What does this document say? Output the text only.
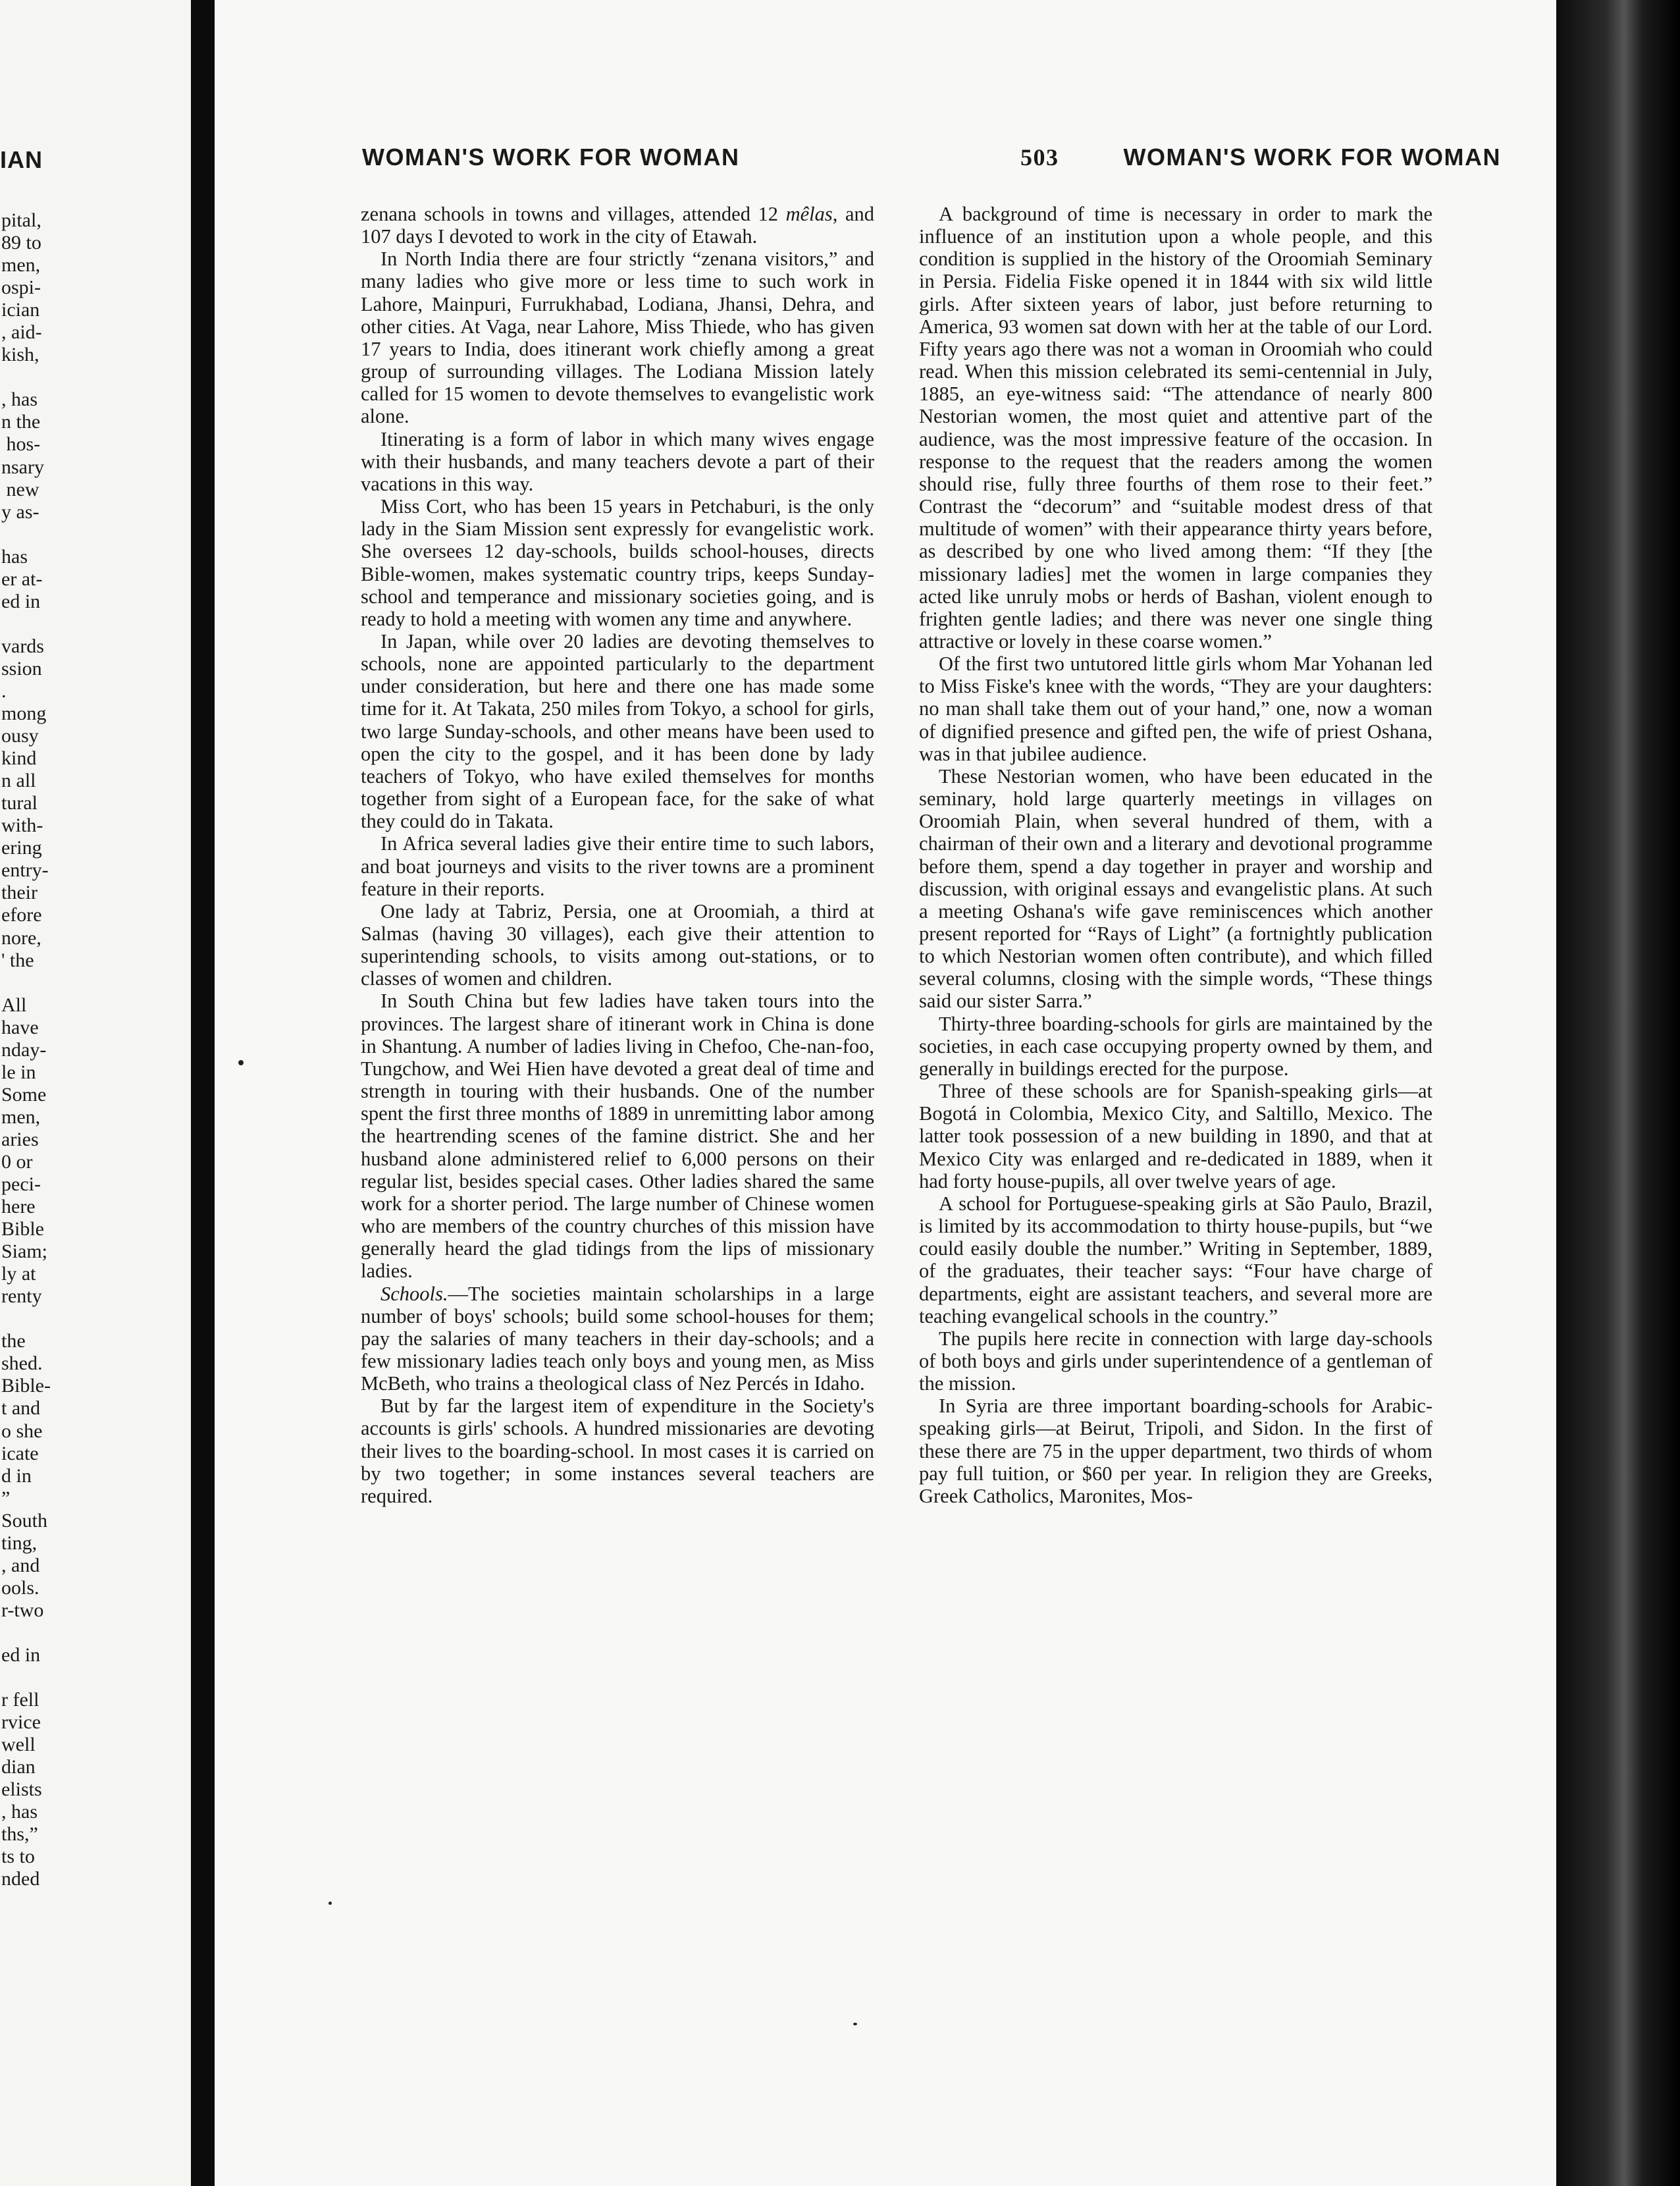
IAN
pital,
89 to
men,
ospi-
ician
, aid-
kish,

, has
n the
hos-
nsary
new
y as-

has
er at-
ed in

vards
ssion
.
mong
ousy
kind
n all
tural
with-
ering
entry-
their
efore
nore,
' the

All
have
nday-
le in
Some
men,
aries
0 or
peci-
here
Bible
Siam;
ly at
renty

the
shed.
Bible-
t and
o she
icate
d in
”
South
ting,
, and
ools.
r-two

ed in

r fell
rvice
well
dian
elists
, has
ths,”
ts to
nded
WOMAN'S WORK FOR WOMAN	503	WOMAN'S WORK FOR WOMAN

zenana schools in towns and villages, attended 12 mêlas, and 107 days I devoted to work in the city of Etawah.

In North India there are four strictly “zenana visitors,” and many ladies who give more or less time to such work in Lahore, Mainpuri, Furrukhabad, Lodiana, Jhansi, Dehra, and other cities. At Vaga, near Lahore, Miss Thiede, who has given 17 years to India, does itinerant work chiefly among a great group of surrounding villages. The Lodiana Mission lately called for 15 women to devote themselves to evangelistic work alone.

Itinerating is a form of labor in which many wives engage with their husbands, and many teachers devote a part of their vacations in this way.

Miss Cort, who has been 15 years in Petchaburi, is the only lady in the Siam Mission sent expressly for evangelistic work. She oversees 12 day-schools, builds school-houses, directs Bible-women, makes systematic country trips, keeps Sunday-school and temperance and missionary societies going, and is ready to hold a meeting with women any time and anywhere.

In Japan, while over 20 ladies are devoting themselves to schools, none are appointed particularly to the department under consideration, but here and there one has made some time for it. At Takata, 250 miles from Tokyo, a school for girls, two large Sunday-schools, and other means have been used to open the city to the gospel, and it has been done by lady teachers of Tokyo, who have exiled themselves for months together from sight of a European face, for the sake of what they could do in Takata.

In Africa several ladies give their entire time to such labors, and boat journeys and visits to the river towns are a prominent feature in their reports.

One lady at Tabriz, Persia, one at Oroomiah, a third at Salmas (having 30 villages), each give their attention to superintending schools, to visits among out-stations, or to classes of women and children.

In South China but few ladies have taken tours into the provinces. The largest share of itinerant work in China is done in Shantung. A number of ladies living in Chefoo, Che-nan-foo, Tungchow, and Wei Hien have devoted a great deal of time and strength in touring with their husbands. One of the number spent the first three months of 1889 in unremitting labor among the heartrending scenes of the famine district. She and her husband alone administered relief to 6,000 persons on their regular list, besides special cases. Other ladies shared the same work for a shorter period. The large number of Chinese women who are members of the country churches of this mission have generally heard the glad tidings from the lips of missionary ladies.

Schools.—The societies maintain scholarships in a large number of boys' schools; build some school-houses for them; pay the salaries of many teachers in their day-schools; and a few missionary ladies teach only boys and young men, as Miss McBeth, who trains a theological class of Nez Percés in Idaho.

But by far the largest item of expenditure in the Society's accounts is girls' schools. A hundred missionaries are devoting their lives to the boarding-school. In most cases it is carried on by two together; in some instances several teachers are required.

A background of time is necessary in order to mark the influence of an institution upon a whole people, and this condition is supplied in the history of the Oroomiah Seminary in Persia. Fidelia Fiske opened it in 1844 with six wild little girls. After sixteen years of labor, just before returning to America, 93 women sat down with her at the table of our Lord. Fifty years ago there was not a woman in Oroomiah who could read. When this mission celebrated its semi-centennial in July, 1885, an eye-witness said: “The attendance of nearly 800 Nestorian women, the most quiet and attentive part of the audience, was the most impressive feature of the occasion. In response to the request that the readers among the women should rise, fully three fourths of them rose to their feet.” Contrast the “decorum” and “suitable modest dress of that multitude of women” with their appearance thirty years before, as described by one who lived among them: “If they [the missionary ladies] met the women in large companies they acted like unruly mobs or herds of Bashan, violent enough to frighten gentle ladies; and there was never one single thing attractive or lovely in these coarse women.”

Of the first two untutored little girls whom Mar Yohanan led to Miss Fiske's knee with the words, “They are your daughters: no man shall take them out of your hand,” one, now a woman of dignified presence and gifted pen, the wife of priest Oshana, was in that jubilee audience.

These Nestorian women, who have been educated in the seminary, hold large quarterly meetings in villages on Oroomiah Plain, when several hundred of them, with a chairman of their own and a literary and devotional programme before them, spend a day together in prayer and worship and discussion, with original essays and evangelistic plans. At such a meeting Oshana's wife gave reminiscences which another present reported for “Rays of Light” (a fortnightly publication to which Nestorian women often contribute), and which filled several columns, closing with the simple words, “These things said our sister Sarra.”

Thirty-three boarding-schools for girls are maintained by the societies, in each case occupying property owned by them, and generally in buildings erected for the purpose.

Three of these schools are for Spanish-speaking girls—at Bogotá in Colombia, Mexico City, and Saltillo, Mexico. The latter took possession of a new building in 1890, and that at Mexico City was enlarged and re-dedicated in 1889, when it had forty house-pupils, all over twelve years of age.

A school for Portuguese-speaking girls at São Paulo, Brazil, is limited by its accommodation to thirty house-pupils, but “we could easily double the number.” Writing in September, 1889, of the graduates, their teacher says: “Four have charge of departments, eight are assistant teachers, and several more are teaching evangelical schools in the country.”

The pupils here recite in connection with large day-schools of both boys and girls under superintendence of a gentleman of the mission.

In Syria are three important boarding-schools for Arabic-speaking girls—at Beirut, Tripoli, and Sidon. In the first of these there are 75 in the upper department, two thirds of whom pay full tuition, or $60 per year. In religion they are Greeks, Greek Catholics, Maronites, Mos-
